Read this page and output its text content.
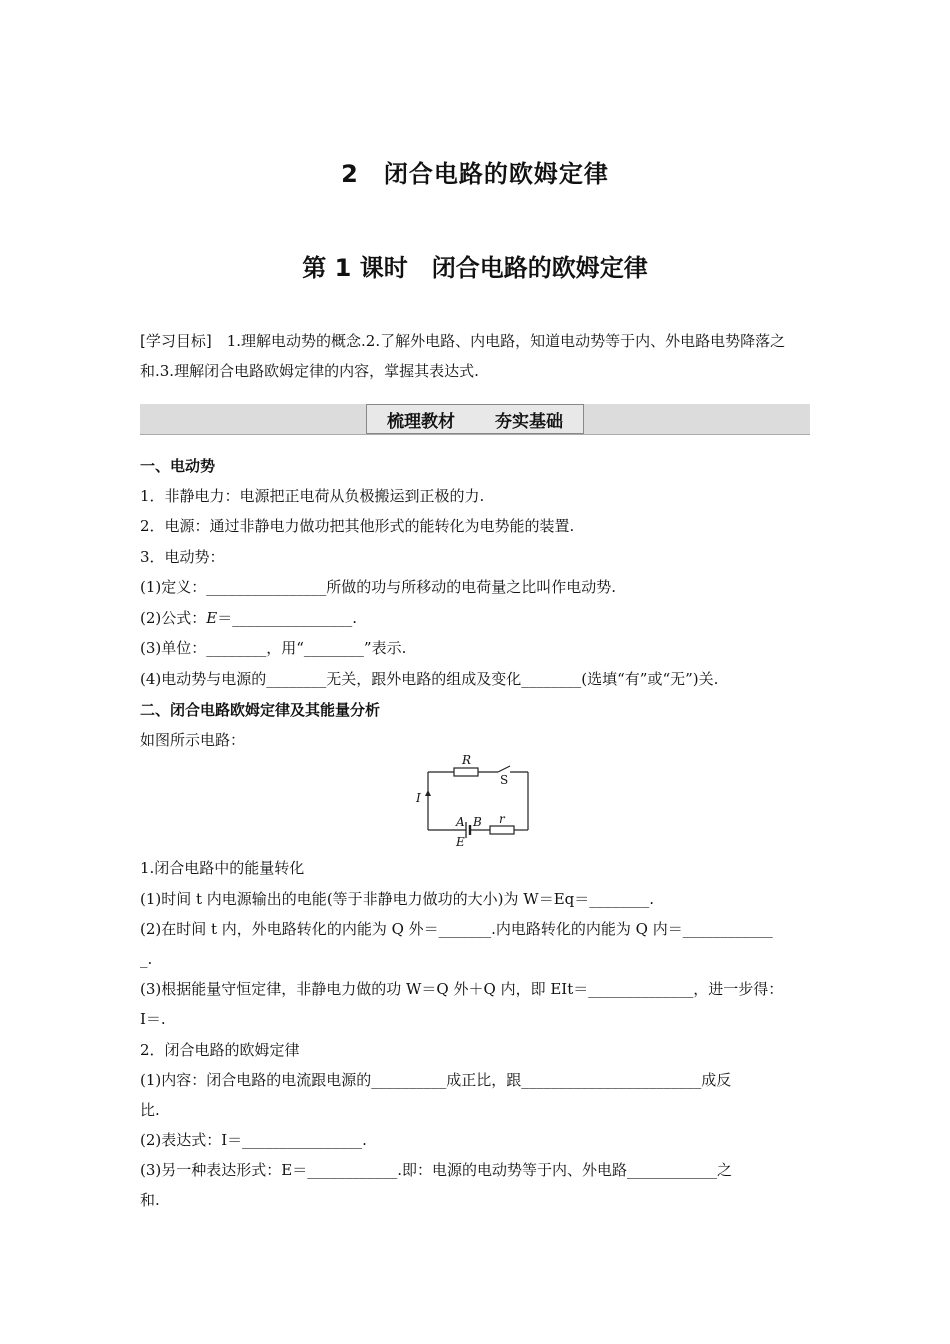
2　闭合电路的欧姆定律
第 1 课时　闭合电路的欧姆定律
[学习目标]　1.理解电动势的概念.2.了解外电路、内电路，知道电动势等于内、外电路电势降落之和.3.理解闭合电路欧姆定律的内容，掌握其表达式.
梳理教材 夯实基础
一、电动势
1．非静电力：电源把正电荷从负极搬运到正极的力.
2．电源：通过非静电力做功把其他形式的能转化为电势能的装置.
3．电动势：
(1)定义：________________所做的功与所移动的电荷量之比叫作电动势.
(2)公式：E＝________________.
(3)单位：________，用“________”表示.
(4)电动势与电源的________无关，跟外电路的组成及变化________(选填“有”或“无”)关.
二、闭合电路欧姆定律及其能量分析
如图所示电路：
R
S
I
A B r
E
1.闭合电路中的能量转化
(1)时间 t 内电源输出的电能(等于非静电力做功的大小)为 W＝Eq＝________.
(2)在时间 t 内，外电路转化的内能为 Q 外＝_______.内电路转化的内能为 Q 内＝____________
_.
(3)根据能量守恒定律，非静电力做的功 W＝Q 外＋Q 内，即 EIt＝______________，进一步得：
I＝.
2．闭合电路的欧姆定律
(1)内容：闭合电路的电流跟电源的__________成正比，跟________________________成反
比.
(2)表达式：I＝________________.
(3)另一种表达形式：E＝____________.即：电源的电动势等于内、外电路____________之
和.
